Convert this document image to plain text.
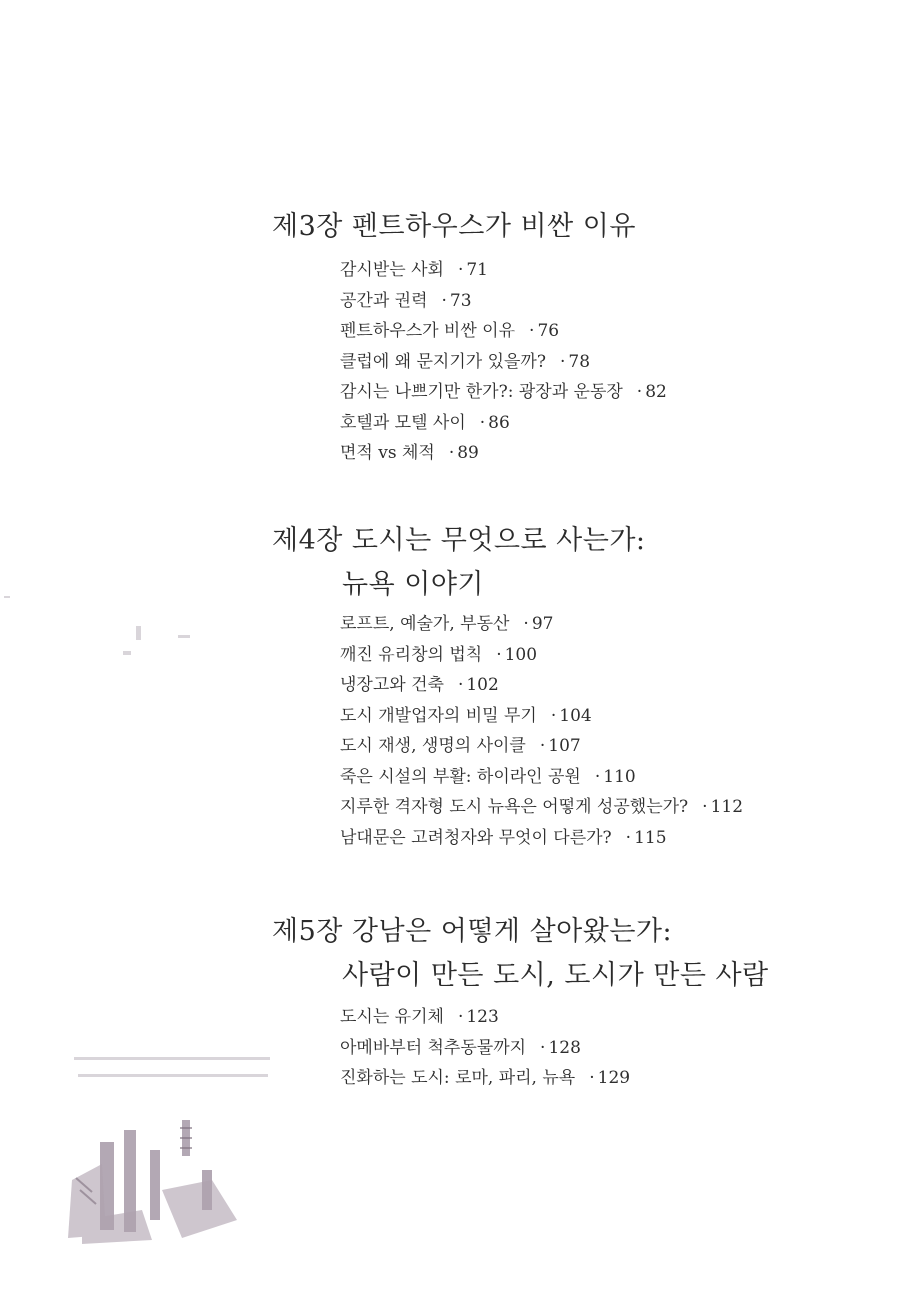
제3장 펜트하우스가 비싼 이유
감시받는 사회 · 71
공간과 권력 · 73
펜트하우스가 비싼 이유 · 76
클럽에 왜 문지기가 있을까? · 78
감시는 나쁘기만 한가?: 광장과 운동장 · 82
호텔과 모텔 사이 · 86
면적 vs 체적 · 89
제4장 도시는 무엇으로 사는가:
뉴욕 이야기
로프트, 예술가, 부동산 · 97
깨진 유리창의 법칙 · 100
냉장고와 건축 · 102
도시 개발업자의 비밀 무기 · 104
도시 재생, 생명의 사이클 · 107
죽은 시설의 부활: 하이라인 공원 · 110
지루한 격자형 도시 뉴욕은 어떻게 성공했는가? · 112
남대문은 고려청자와 무엇이 다른가? · 115
제5장 강남은 어떻게 살아왔는가:
사람이 만든 도시, 도시가 만든 사람
도시는 유기체 · 123
아메바부터 척추동물까지 · 128
진화하는 도시: 로마, 파리, 뉴욕 · 129
